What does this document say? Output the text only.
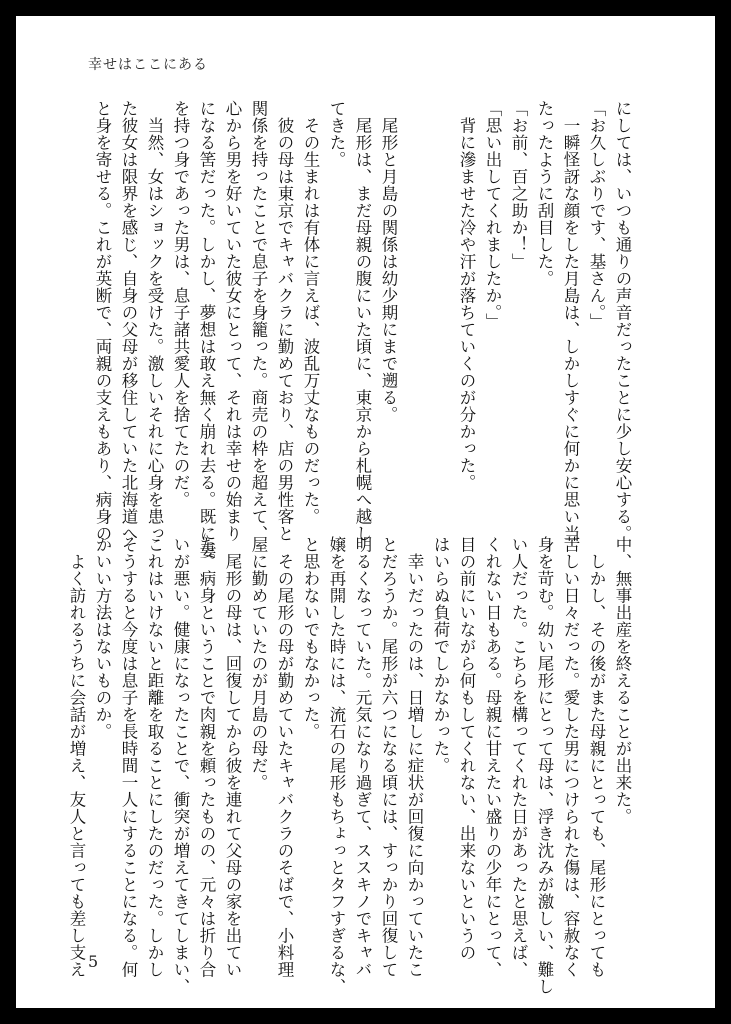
幸せはここにある

にしては、いつも通りの声音だったことに少し安心する。

「お久しぶりです、基さん。」

　一瞬怪訝な顔をした月島は、しかしすぐに何かに思い当

たったように刮目した。

「お前、百之助か！」

「思い出してくれましたか。」

　背に滲ませた冷や汗が落ちていくのが分かった。

　尾形と月島の関係は幼少期にまで遡る。

　尾形は、まだ母親の腹にいた頃に、東京から札幌へ越し

てきた。

　その生まれは有体に言えば、波乱万丈なものだった。

　彼の母は東京でキャバクラに勤めており、店の男性客と

関係を持ったことで息子を身籠った。商売の枠を超えて、

心から男を好いていた彼女にとって、それは幸せの始まり

になる筈だった。しかし、夢想は敢え無く崩れ去る。既に妻

を持つ身であった男は、息子諸共愛人を捨てたのだ。

　当然、女はショックを受けた。激しいそれに心身を患っ

た彼女は限界を感じ、自身の父母が移住していた北海道へ

と身を寄せる。これが英断で、両親の支えもあり、病身の

中、無事出産を終えることが出来た。

　しかし、その後がまた母親にとっても、尾形にとっても

苦しい日々だった。愛した男につけられた傷は、容赦なく

身を苛む。幼い尾形にとって母は、浮き沈みが激しい、難し

い人だった。こちらを構ってくれた日があったと思えば、

くれない日もある。母親に甘えたい盛りの少年にとって、

目の前にいながら何もしてくれない、出来ないというの

はいらぬ負荷でしかなかった。

　幸いだったのは、日増しに症状が回復に向かっていたこ

とだろうか。尾形が六つになる頃には、すっかり回復して

明るくなっていた。元気になり過ぎて、ススキノでキャバ

嬢を再開した時には、流石の尾形もちょっとタフすぎるな、

と思わないでもなかった。

　その尾形の母が勤めていたキャバクラのそばで、小料理

屋に勤めていたのが月島の母だ。

　尾形の母は、回復してから彼を連れて父母の家を出てい

た。病身ということで肉親を頼ったものの、元々は折り合

いが悪い。健康になったことで、衝突が増えてきてしまい、

これはいけないと距離を取ることにしたのだった。しかし

そうすると今度は息子を長時間一人にすることになる。何

かいい方法はないものか。

　よく訪れるうちに会話が増え、友人と言っても差し支え 5
